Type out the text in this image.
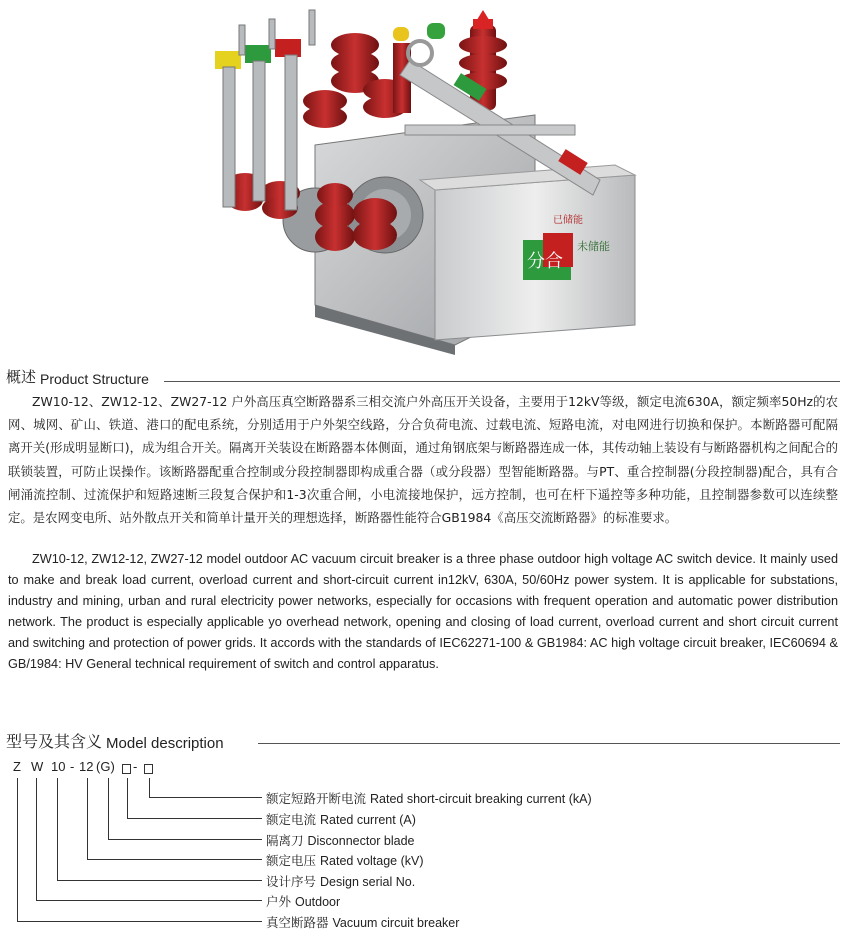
分合
未储能
已储能
概述 Product Structure

ZW10-12、ZW12-12、ZW27-12 户外高压真空断路器系三相交流户外高压开关设备，主要用于12kV等级，额定电流630A，额定频率50Hz的农网、城网、矿山、铁道、港口的配电系统，分别适用于户外架空线路，分合负荷电流、过载电流、短路电流，对电网进行切换和保护。本断路器可配隔离开关(形成明显断口)，成为组合开关。隔离开关装设在断路器本体侧面，通过角钢底架与断路器连成一体，其传动轴上装设有与断路器机构之间配合的联锁装置，可防止误操作。该断路器配重合控制或分段控制器即构成重合器（或分段器）型智能断路器。与PT、重合控制器(分段控制器)配合，具有合闸涌流控制、过流保护和短路速断三段复合保护和1-3次重合闸，小电流接地保护，远方控制，也可在杆下遥控等多种功能，且控制器参数可以连续整定。是农网变电所、站外散点开关和简单计量开关的理想选择，断路器性能符合GB1984《高压交流断路器》的标准要求。

ZW10-12, ZW12-12, ZW27-12 model outdoor AC vacuum circuit breaker is a three phase outdoor high voltage AC switch device. It mainly used to make and break load current, overload current and short-circuit current in12kV, 630A, 50/60Hz power system. It is applicable for substations, industry and mining, urban and rural electricity power networks, especially for occasions with frequent operation and automatic power distribution network. The product is especially applicable yo overhead network, opening and closing of load current, overload current and short circuit current and switching and protection of power grids. It accords with the standards of IEC62271-100 & GB1984: AC high voltage circuit breaker, IEC60694 & GB/1984: HV General technical requirement of switch and control apparatus.

型号及其含义 Model description
Z W 10 - 12 (G) -
额定短路开断电流 Rated short-circuit breaking current (kA)
额定电流 Rated current (A)
隔离刀 Disconnector blade
额定电压 Rated voltage (kV)
设计序号 Design serial No.
户外 Outdoor
真空断路器 Vacuum circuit breaker
